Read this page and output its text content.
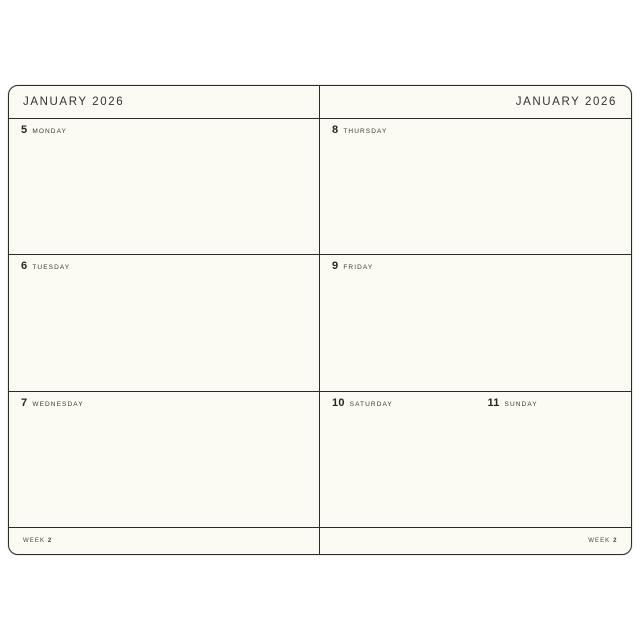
JANUARY 2026
5 MONDAY
6 TUESDAY
7 WEDNESDAY
WEEK 2
JANUARY 2026
8 THURSDAY
9 FRIDAY
10 SATURDAY	11 SUNDAY
WEEK 2
